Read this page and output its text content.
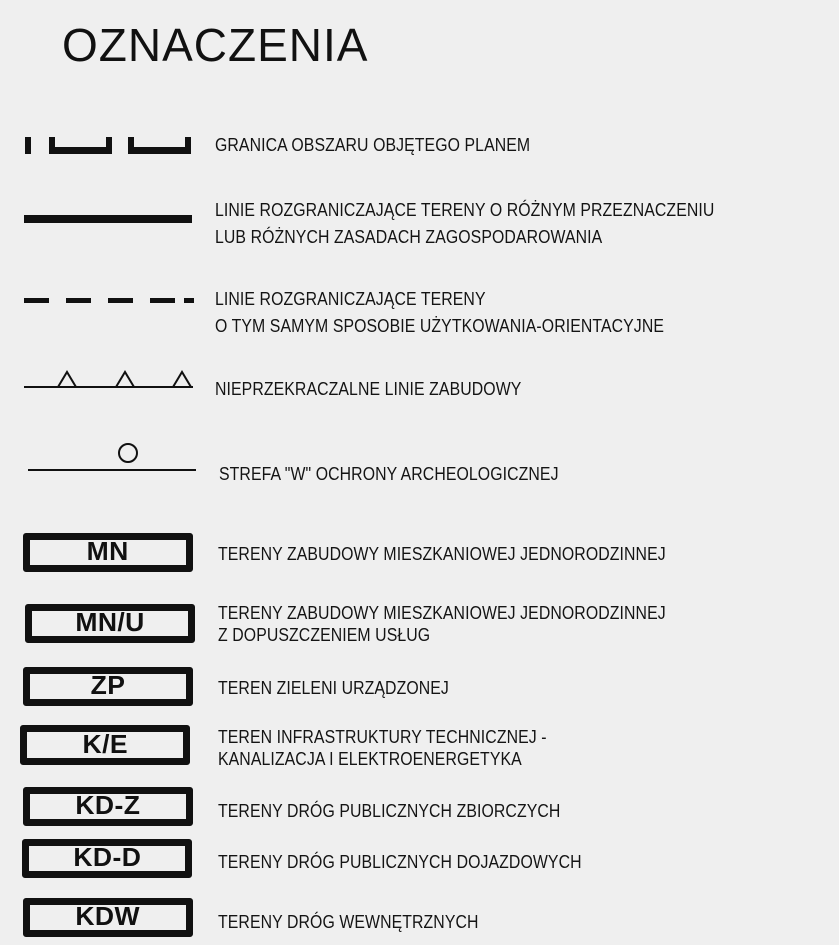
OZNACZENIA
GRANICA OBSZARU OBJĘTEGO PLANEM
LINIE ROZGRANICZAJĄCE TERENY O RÓŻNYM PRZEZNACZENIU
LUB RÓŻNYCH ZASADACH ZAGOSPODAROWANIA
LINIE ROZGRANICZAJĄCE TERENY
O TYM SAMYM SPOSOBIE UŻYTKOWANIA-ORIENTACYJNE
NIEPRZEKRACZALNE LINIE ZABUDOWY
STREFA "W" OCHRONY ARCHEOLOGICZNEJ
MN	TERENY ZABUDOWY MIESZKANIOWEJ JEDNORODZINNEJ
MN/U	TERENY ZABUDOWY MIESZKANIOWEJ JEDNORODZINNEJ
Z DOPUSZCZENIEM USŁUG
ZP	TEREN ZIELENI URZĄDZONEJ
K/E	TEREN INFRASTRUKTURY TECHNICZNEJ -
KANALIZACJA I ELEKTROENERGETYKA
KD-Z	TERENY DRÓG PUBLICZNYCH ZBIORCZYCH
KD-D	TERENY DRÓG PUBLICZNYCH DOJAZDOWYCH
KDW	TERENY DRÓG WEWNĘTRZNYCH
